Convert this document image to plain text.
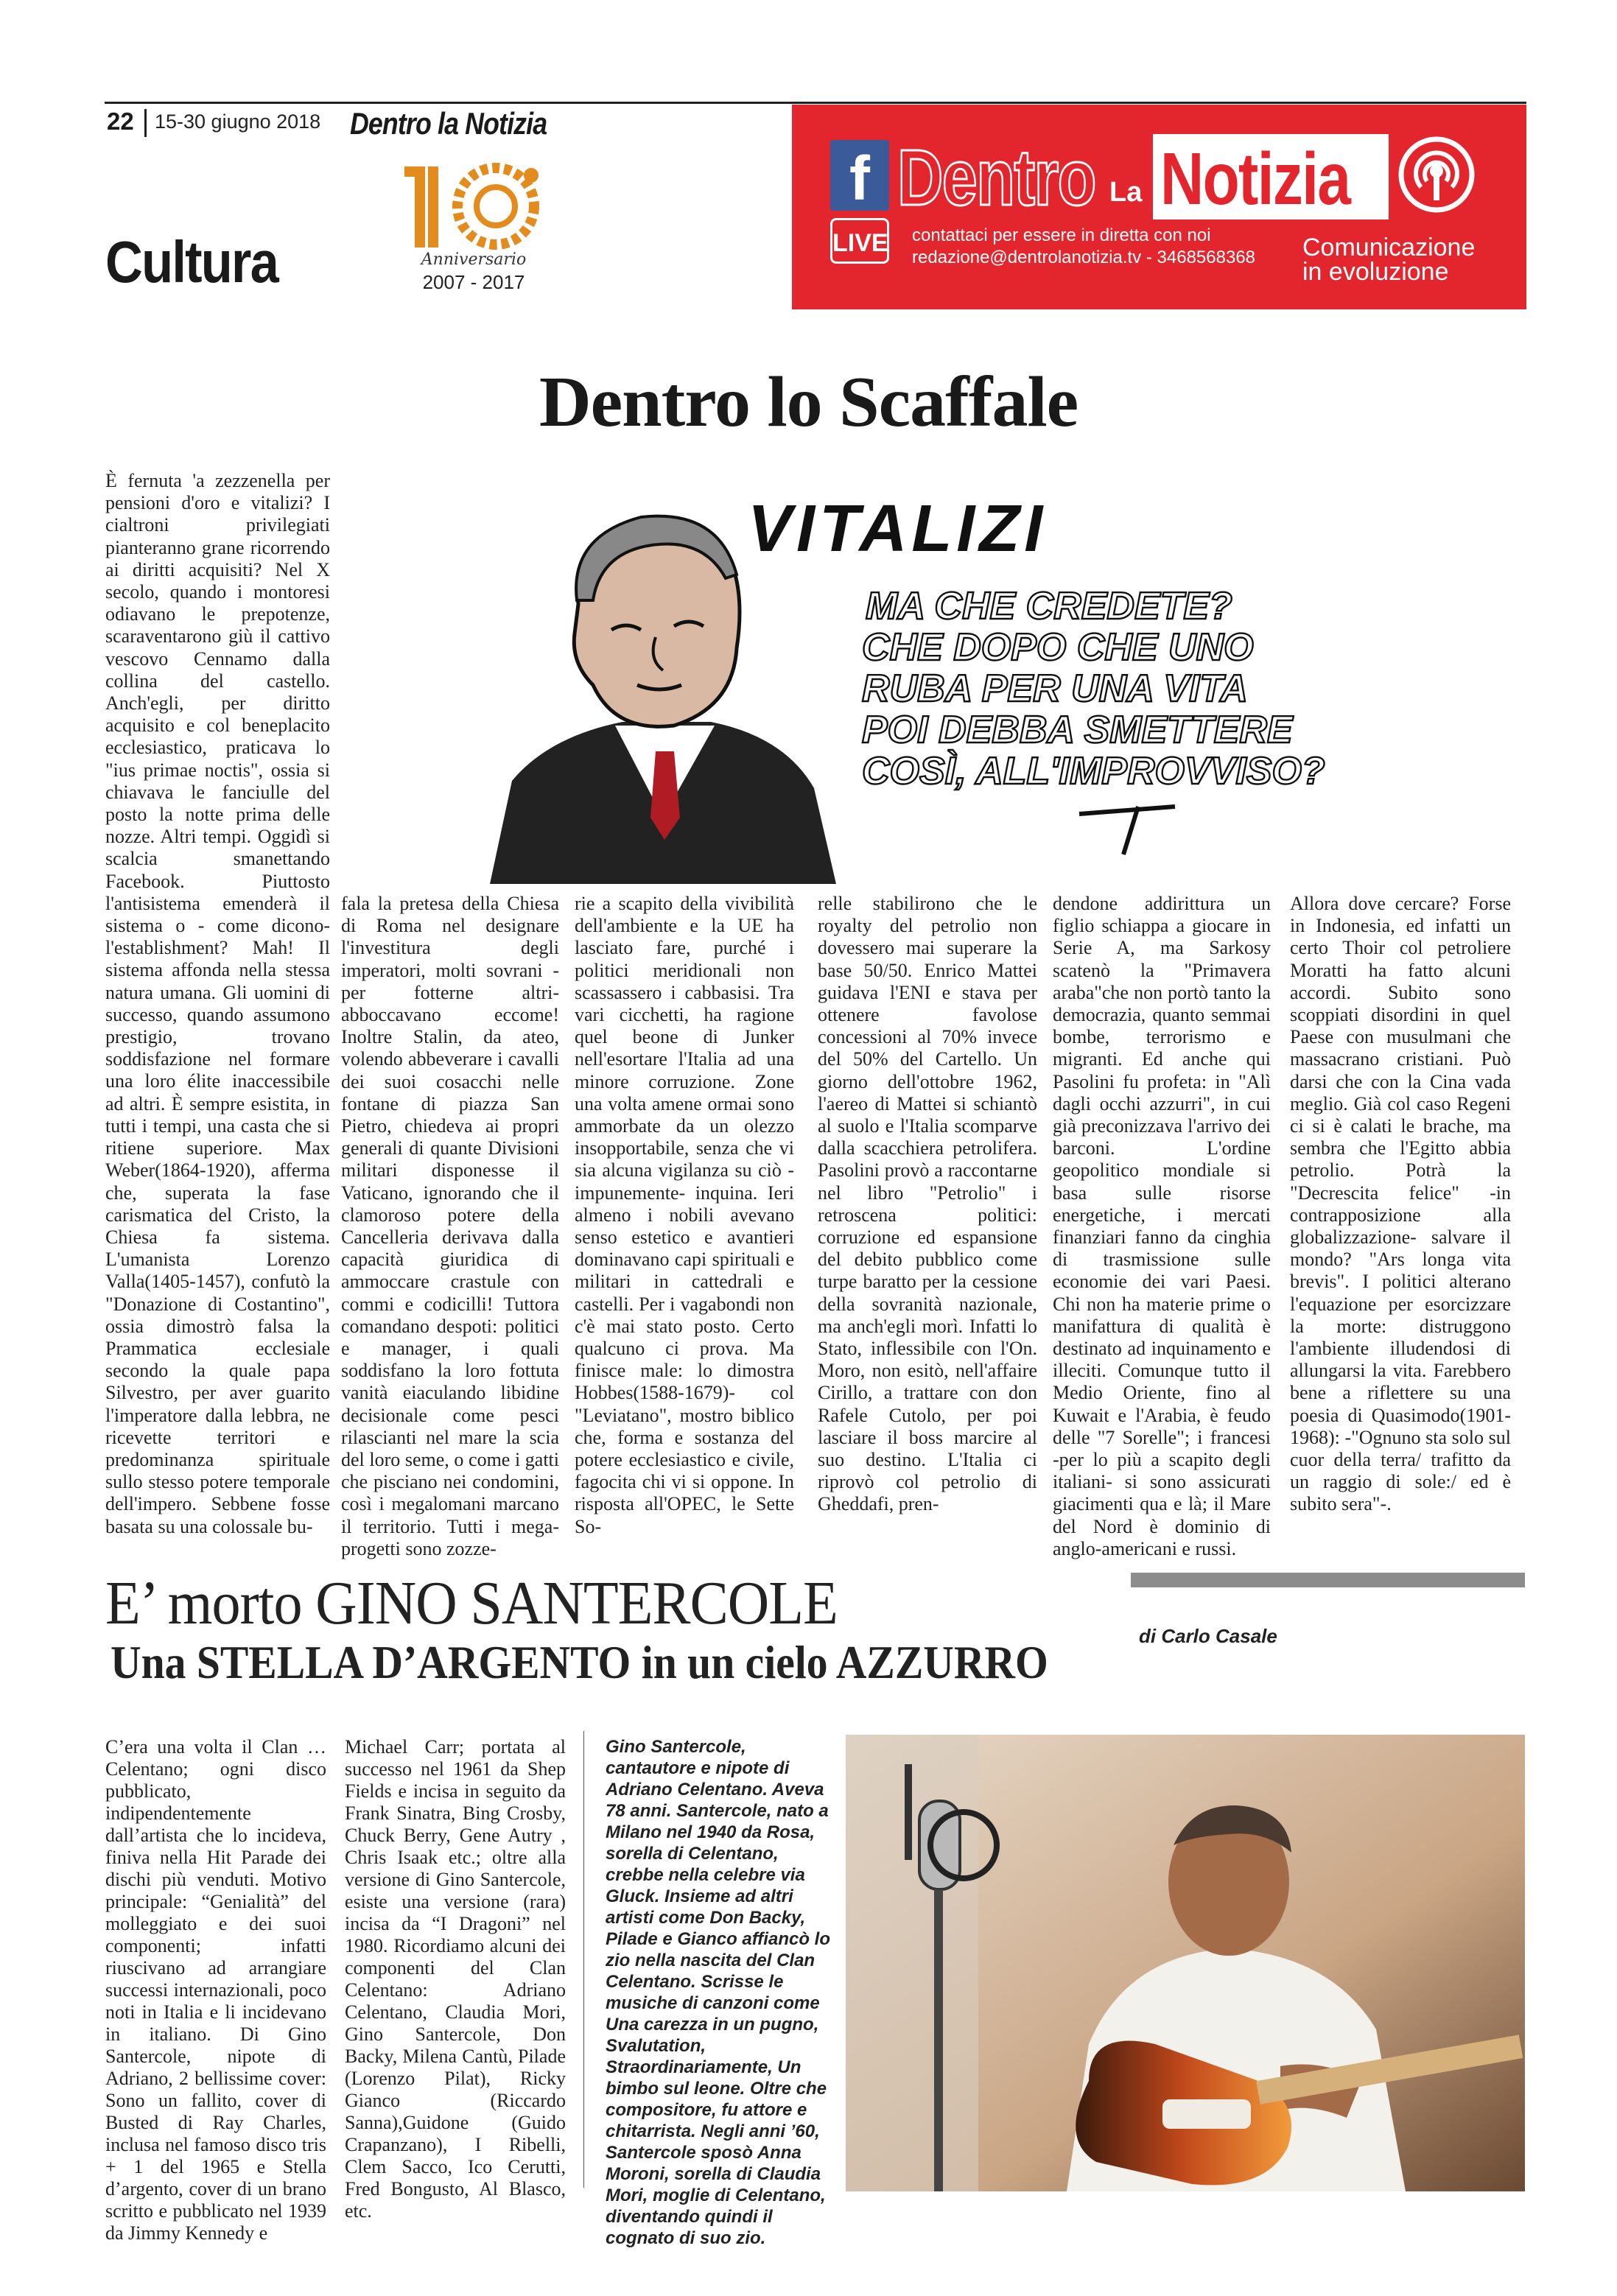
22 15-30 giugno 2018 Dentro la Notizia
Anniversario
2007 - 2017
Cultura
f
LIVE
Dentro La Notizia
contattaci per essere in diretta con noi
redazione@dentrolanotizia.tv - 3468568368 Comunicazione
in evoluzione
Dentro lo Scaffale
È fernuta 'a zezzenella per pensioni d'oro e vitalizi? I cialtroni privilegiati pianteranno grane ricorrendo ai diritti acquisiti? Nel X secolo, quando i montoresi odiavano le prepotenze, scaraventarono giù il cattivo vescovo Cennamo dalla collina del castello. Anch'egli, per diritto acquisito e col beneplacito ecclesiastico, praticava lo "ius primae noctis", ossia si chiavava le fanciulle del posto la notte prima delle nozze. Altri tempi. Oggidì si scalcia smanettando Facebook. Piuttosto l'antisistema emenderà il sistema o - come dicono- l'establishment? Mah! Il sistema affonda nella stessa natura umana. Gli uomini di successo, quando assumono prestigio, trovano soddisfazione nel formare una loro élite inaccessibile ad altri. È sempre esistita, in tutti i tempi, una casta che si ritiene superiore. Max Weber(1864-1920), afferma che, superata la fase carismatica del Cristo, la Chiesa fa sistema. L'umanista Lorenzo Valla(1405-1457), confutò la "Donazione di Costantino", ossia dimostrò falsa la Prammatica ecclesiale secondo la quale papa Silvestro, per aver guarito l'imperatore dalla lebbra, ne ricevette territori e predominanza spirituale sullo stesso potere temporale dell'impero. Sebbene fosse basata su una colossale bu-
fala la pretesa della Chiesa di Roma nel designare l'investitura degli imperatori, molti sovrani -per fotterne altri- abboccavano eccome! Inoltre Stalin, da ateo, volendo abbeverare i cavalli dei suoi cosacchi nelle fontane di piazza San Pietro, chiedeva ai propri generali di quante Divisioni militari disponesse il Vaticano, ignorando che il clamoroso potere della Cancelleria derivava dalla capacità giuridica di ammoccare crastule con commi e codicilli! Tuttora comandano despoti: politici e manager, i quali soddisfano la loro fottuta vanità eiaculando libidine decisionale come pesci rilascianti nel mare la scia del loro seme, o come i gatti che pisciano nei condomini, così i megalomani marcano il territorio. Tutti i mega-progetti sono zozze-
rie a scapito della vivibilità dell'ambiente e la UE ha lasciato fare, purché i politici meridionali non scassassero i cabbasisi. Tra vari cicchetti, ha ragione quel beone di Junker nell'esortare l'Italia ad una minore corruzione. Zone una volta amene ormai sono ammorbate da un olezzo insopportabile, senza che vi sia alcuna vigilanza su ciò -impunemente- inquina. Ieri almeno i nobili avevano senso estetico e avantieri dominavano capi spirituali e militari in cattedrali e castelli. Per i vagabondi non c'è mai stato posto. Certo qualcuno ci prova. Ma finisce male: lo dimostra Hobbes(1588-1679)- col "Leviatano", mostro biblico che, forma e sostanza del potere ecclesiastico e civile, fagocita chi vi si oppone. In risposta all'OPEC, le Sette So-
relle stabilirono che le royalty del petrolio non dovessero mai superare la base 50/50. Enrico Mattei guidava l'ENI e stava per ottenere favolose concessioni al 70% invece del 50% del Cartello. Un giorno dell'ottobre 1962, l'aereo di Mattei si schiantò al suolo e l'Italia scomparve dalla scacchiera petrolifera. Pasolini provò a raccontarne nel libro "Petrolio" i retroscena politici: corruzione ed espansione del debito pubblico come turpe baratto per la cessione della sovranità nazionale, ma anch'egli morì. Infatti lo Stato, inflessibile con l'On. Moro, non esitò, nell'affaire Cirillo, a trattare con don Rafele Cutolo, per poi lasciare il boss marcire al suo destino. L'Italia ci riprovò col petrolio di Gheddafi, pren-
dendone addirittura un figlio schiappa a giocare in Serie A, ma Sarkosy scatenò la "Primavera araba"che non portò tanto la democrazia, quanto semmai bombe, terrorismo e migranti. Ed anche qui Pasolini fu profeta: in "Alì dagli occhi azzurri", in cui già preconizzava l'arrivo dei barconi. L'ordine geopolitico mondiale si basa sulle risorse energetiche, i mercati finanziari fanno da cinghia di trasmissione sulle economie dei vari Paesi. Chi non ha materie prime o manifattura di qualità è destinato ad inquinamento e illeciti. Comunque tutto il Medio Oriente, fino al Kuwait e l'Arabia, è feudo delle "7 Sorelle"; i francesi -per lo più a scapito degli italiani- si sono assicurati giacimenti qua e là; il Mare del Nord è dominio di anglo-americani e russi.
Allora dove cercare? Forse in Indonesia, ed infatti un certo Thoir col petroliere Moratti ha fatto alcuni accordi. Subito sono scoppiati disordini in quel Paese con musulmani che massacrano cristiani. Può darsi che con la Cina vada meglio. Già col caso Regeni ci si è calati le brache, ma sembra che l'Egitto abbia petrolio. Potrà la "Decrescita felice" -in contrapposizione alla globalizzazione- salvare il mondo? "Ars longa vita brevis". I politici alterano l'equazione per esorcizzare la morte: distruggono l'ambiente illudendosi di allungarsi la vita. Farebbero bene a riflettere su una poesia di Quasimodo(1901-1968): -"Ognuno sta solo sul cuor della terra/ trafitto da un raggio di sole:/ ed è subito sera"-.
VITALIZI
MA CHE CREDETE?
CHE DOPO CHE UNO
RUBA PER UNA VITA
POI DEBBA SMETTERE
COSÌ, ALL'IMPROVVISO?
E’ morto GINO SANTERCOLE
Una STELLA D’ARGENTO in un cielo AZZURRO	di Carlo Casale
C’era una volta il Clan … Celentano; ogni disco pubblicato, indipendentemente dall’artista che lo incideva, finiva nella Hit Parade dei dischi più venduti. Motivo principale: “Genialità” del molleggiato e dei suoi componenti; infatti riuscivano ad arrangiare successi internazionali, poco noti in Italia e li incidevano in italiano. Di Gino Santercole, nipote di Adriano, 2 bellissime cover: Sono un fallito, cover di Busted di Ray Charles, inclusa nel famoso disco tris + 1 del 1965 e Stella d’argento, cover di un brano scritto e pubblicato nel 1939 da Jimmy Kennedy e
Michael Carr; portata al successo nel 1961 da Shep Fields e incisa in seguito da Frank Sinatra, Bing Crosby, Chuck Berry, Gene Autry , Chris Isaak etc.; oltre alla versione di Gino Santercole, esiste una versione (rara) incisa da “I Dragoni” nel 1980. Ricordiamo alcuni dei componenti del Clan Celentano: Adriano Celentano, Claudia Mori, Gino Santercole, Don Backy, Milena Cantù, Pilade (Lorenzo Pilat), Ricky Gianco (Riccardo Sanna),Guidone (Guido Crapanzano), I Ribelli, Clem Sacco, Ico Cerutti, Fred Bongusto, Al Blasco, etc.
Gino Santercole, cantautore e nipote di Adriano Celentano. Aveva 78 anni. Santercole, nato a Milano nel 1940 da Rosa, sorella di Celentano, crebbe nella celebre via Gluck. Insieme ad altri artisti come Don Backy, Pilade e Gianco affiancò lo zio nella nascita del Clan Celentano. Scrisse le musiche di canzoni come Una carezza in un pugno, Svalutation, Straordinariamente, Un bimbo sul leone. Oltre che compositore, fu attore e chitarrista. Negli anni ’60, Santercole sposò Anna Moroni, sorella di Claudia Mori, moglie di Celentano, diventando quindi il cognato di suo zio.
